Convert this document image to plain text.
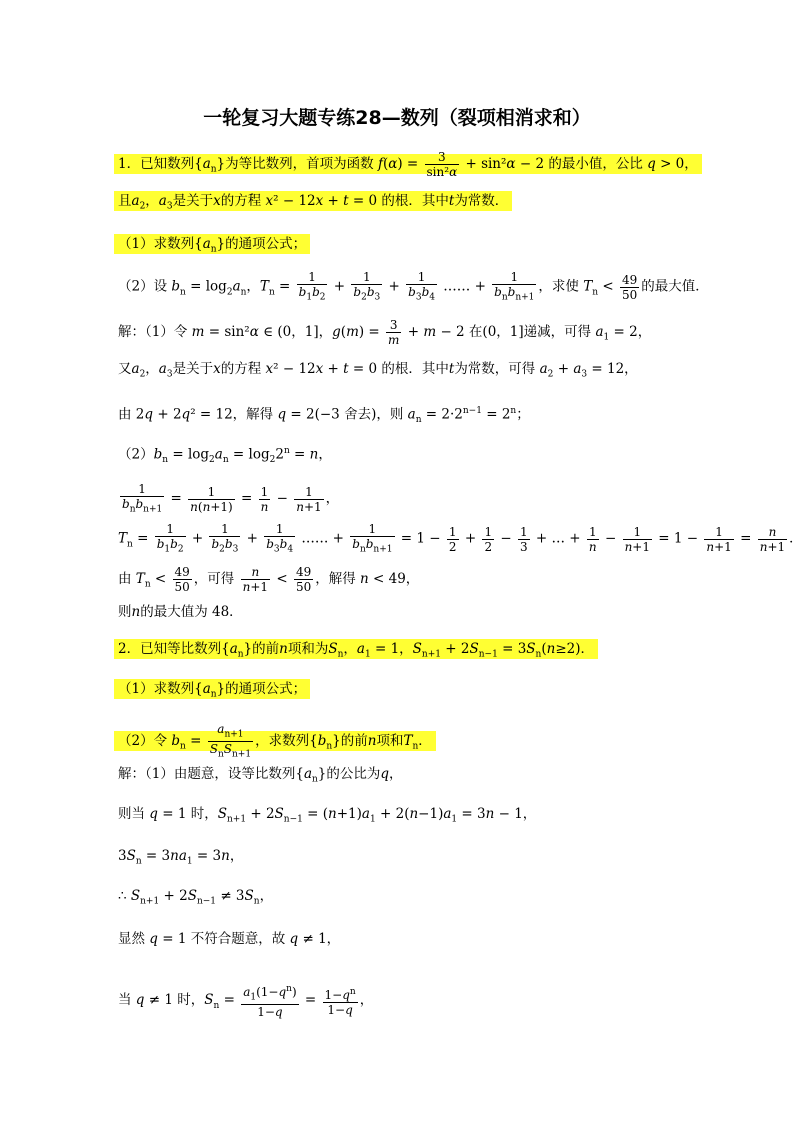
一轮复习大题专练28—数列（裂项相消求和）
1．已知数列$\{a_n\}$为等比数列，首项为函数 $f(\alpha) = \frac{3}{\text{sin²α}} + \sin^2\alpha - 2$ 的最小值，公比 q > 0，
且$a_2$，$a_3$是关于x的方程 x² − 12x + t = 0 的根．其中t为常数．
（1）求数列$\{a_n\}$的通项公式；
（2）设 $b_n = \log_2a_n$，$T_n = \frac{1}{b_1b_2} + \frac{1}{b_2b_3} + \frac{1}{b_3b_4}$ …… + $\frac{1}{b_nb_{n+1}}$ ，求使 $T_n < \frac{49}{50}$ 的最大值．
解：（1）令 m = sin²α ∈ (0，1]，$g(m) = \frac{3}{m} + m - 2$ 在(0，1]递减，可得 $a_1 = 2$，
又$a_2$，$a_3$是关于x的方程 x² − 12x + t = 0 的根．其中t为常数，可得 $a_2 + a_3 = 12$，
由 2q + 2q² = 12，解得 q = 2(−3 舍去)，则 $a_n = 2\cdot 2^{n-1} = 2^n$；
$(2)b_n = \log_2a_n = \log_22^n = n$，
$\frac{1}{b_nb_{n+1}} = \frac{1}{n(n+1)} = \frac{1}{n} - \frac{1}{n+1}$ ，
$T_n = \frac{1}{b_1b_2} + \frac{1}{b_2b_3} + \frac{1}{b_3b_4}$ …… + $\frac{1}{b_nb_{n+1}} = 1 - \frac{1}{2} + \frac{1}{2} - \frac{1}{3}$ + … + $\frac{1}{n} - \frac{1}{n+1} = 1 - \frac{1}{n+1} = \frac{n}{n+1}$ ．
由 $T_n < \frac{49}{50}$ ，可得 $\frac{n}{n+1} < \frac{49}{50}$ ，解得 n < 49，
则n的最大值为 48．
2．已知等比数列$\{a_n\}$的前n项和为$S_n$，$a_1 = 1$，$S_{n+1} + 2S_{n-1} = 3S_n(n\ge 2)$．
（1）求数列$\{a_n\}$的通项公式；
（2）令 $b_n = \frac{a_{n+1}}{S_nS_{n+1}}$ ，求数列$\{b_n\}$的前n项和$T_n$．
解：（1）由题意，设等比数列$\{a_n\}$的公比为q，
则当 q = 1 时，$S_{n+1} + 2S_{n-1} = (n+1)a_1 + 2(n-1)a_1 = 3n - 1$，
$3S_n = 3na_1 = 3n$，
∴ $S_{n+1} + 2S_{n-1} \ne 3S_n$，
显然 q = 1 不符合题意，故 q ≠ 1，
当 q ≠ 1 时，$S_n = \frac{a_1(1-q^n)}{1-q} = \frac{1-q^n}{1-q}$ ，
